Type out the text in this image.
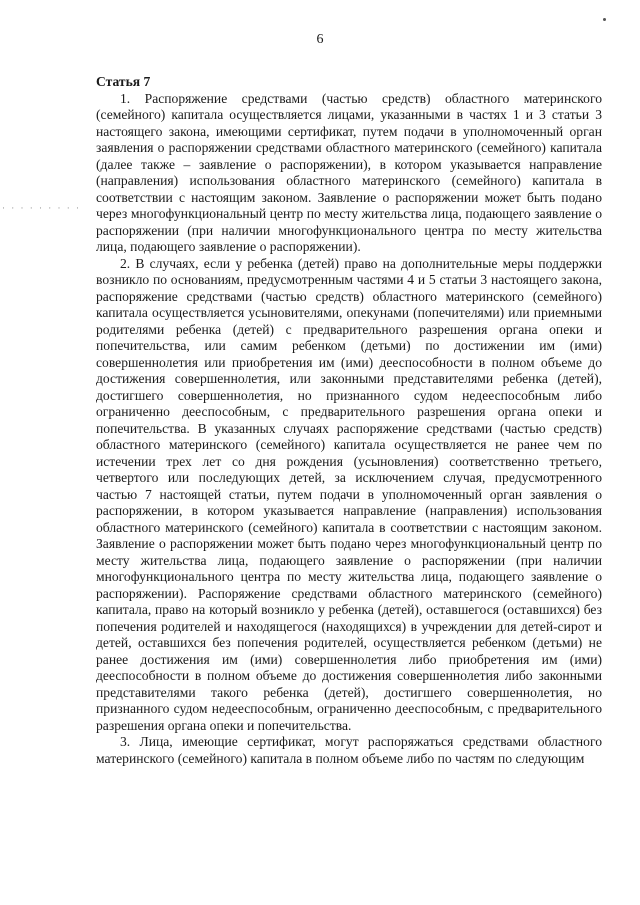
6
· · · · · · · · ·

Статья 7

1. Распоряжение средствами (частью средств) областного материнского (семейного) капитала осуществляется лицами, указанными в частях 1 и 3 статьи 3 настоящего закона, имеющими сертификат, путем подачи в уполномоченный орган заявления о распоряжении средствами областного материнского (семейного) капитала (далее также – заявление о распоряжении), в котором указывается направление (направления) использования областного материнского (семейного) капитала в соответствии с настоящим законом. Заявление о распоряжении может быть подано через многофункциональный центр по месту жительства лица, подающего заявление о распоряжении (при наличии многофункционального центра по месту жительства лица, подающего заявление о распоряжении).

2. В случаях, если у ребенка (детей) право на дополнительные меры поддержки возникло по основаниям, предусмотренным частями 4 и 5 статьи 3 настоящего закона, распоряжение средствами (частью средств) областного материнского (семейного) капитала осуществляется усыновителями, опекунами (попечителями) или приемными родителями ребенка (детей) с предварительного разрешения органа опеки и попечительства, или самим ребенком (детьми) по достижении им (ими) совершеннолетия или приобретения им (ими) дееспособности в полном объеме до достижения совершеннолетия, или законными представителями ребенка (детей), достигшего совершеннолетия, но признанного судом недееспособным либо ограниченно дееспособным, с предварительного разрешения органа опеки и попечительства. В указанных случаях распоряжение средствами (частью средств) областного материнского (семейного) капитала осуществляется не ранее чем по истечении трех лет со дня рождения (усыновления) соответственно третьего, четвертого или последующих детей, за исключением случая, предусмотренного частью 7 настоящей статьи, путем подачи в уполномоченный орган заявления о распоряжении, в котором указывается направление (направления) использования областного материнского (семейного) капитала в соответствии с настоящим законом. Заявление о распоряжении может быть подано через многофункциональный центр по месту жительства лица, подающего заявление о распоряжении (при наличии многофункционального центра по месту жительства лица, подающего заявление о распоряжении). Распоряжение средствами областного материнского (семейного) капитала, право на который возникло у ребенка (детей), оставшегося (оставшихся) без попечения родителей и находящегося (находящихся) в учреждении для детей-сирот и детей, оставшихся без попечения родителей, осуществляется ребенком (детьми) не ранее достижения им (ими) совершеннолетия либо приобретения им (ими) дееспособности в полном объеме до достижения совершеннолетия либо законными представителями такого ребенка (детей), достигшего совершеннолетия, но признанного судом недееспособным, ограниченно дееспособным, с предварительного разрешения органа опеки и попечительства.

3. Лица, имеющие сертификат, могут распоряжаться средствами областного материнского (семейного) капитала в полном объеме либо по частям по следующим
